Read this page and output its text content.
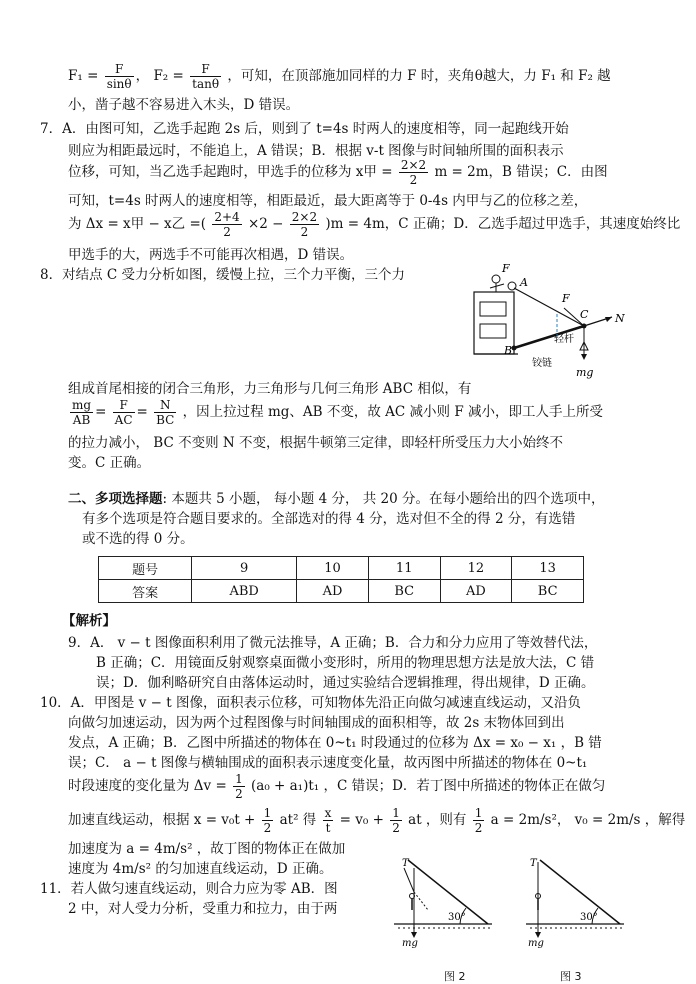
$F_1 = \frac{F}{\sin\theta}$ ， $F_2 = \frac{F}{\tan\theta}$ ，可知，在顶部施加同样的力 F 时，夹角θ越大，力 F₁ 和 F₂ 越
小，凿子越不容易进入木头，D 错误。
7．A．由图可知，乙选手起跑 2s 后，则到了 t=4s 时两人的速度相等，同一起跑线开始
则应为相距最远时，不能追上，A 错误；B．根据 v-t 图像与时间轴所围的面积表示
位移，可知，当乙选手起跑时，甲选手的位移为 x甲 = $\frac{2\times 2}{2}$ m = 2m，B 错误；C．由图
可知，t=4s 时两人的速度相等，相距最近，最大距离等于 0-4s 内甲与乙的位移之差，
为 Δx = x甲 − x乙 =( $\frac{2+4}{2} \times 2 - \frac{2\times 2}{2} )m = 4m$，C 正确；D．乙选手超过甲选手，其速度始终比
甲选手的大，两选手不可能再次相遇，D 错误。
8．对结点 C 受力分析如图，缓慢上拉，三个力平衡，三个力	F
A
F
C N
B
轻杆
铰链
mg
组成首尾相接的闭合三角形，力三角形与几何三角形 ABC 相似，有
$\frac{mg}{AB} = \frac{F}{AC} = \frac{N}{BC}$ ，因上拉过程 mg、AB 不变，故 AC 减小则 F 减小，即工人手上所受
的拉力减小， BC 不变则 N 不变，根据牛顿第三定律，即轻杆所受压力大小始终不
变。C 正确。
二、多项选择题: 本题共 5 小题， 每小题 4 分， 共 20 分。在每小题给出的四个选项中，
有多个选项是符合题目要求的。全部选对的得 4 分，选对但不全的得 2 分，有选错
或不选的得 0 分。
题号	9	10	11	12	13
答案	ABD	AD	BC	AD	BC
【解析】
9．A． v − t 图像面积利用了微元法推导，A 正确；B．合力和分力应用了等效替代法，
B 正确；C．用镜面反射观察桌面微小变形时，所用的物理思想方法是放大法，C 错
误；D．伽利略研究自由落体运动时，通过实验结合逻辑推理，得出规律，D 正确。
10．A．甲图是 v − t 图像，面积表示位移，可知物体先沿正向做匀减速直线运动，又沿负
向做匀加速运动，因为两个过程图像与时间轴围成的面积相等，故 2s 末物体回到出
发点，A 正确；B．乙图中所描述的物体在 0~t₁ 时段通过的位移为 Δx = x₀ − x₁ ，B 错
误；C． a − t 图像与横轴围成的面积表示速度变化量，故丙图中所描述的物体在 0~t₁
时段速度的变化量为 $\Delta v = \frac{1}{2} (a_0 + a_1)t_1$ ，C 错误；D．若丁图中所描述的物体正在做匀
加速直线运动，根据 $x = v_0t + \frac{1}{2} at^2$ 得 $\frac{x}{t} = v_0 + \frac{1}{2}$ at ，则有 $\frac{1}{2}$ a = 2m/s²， v₀ = 2m/s ，解得
加速度为 a = 4m/s² ，故丁图的物体正在做加
速度为 4m/s² 的匀加速直线运动，D 正确。
11．若人做匀速直线运动，则合力应为零 AB．图
2 中，对人受力分析，受重力和拉力，由于两
T
30°
mg
图 2
T
30°
mg
图 3
